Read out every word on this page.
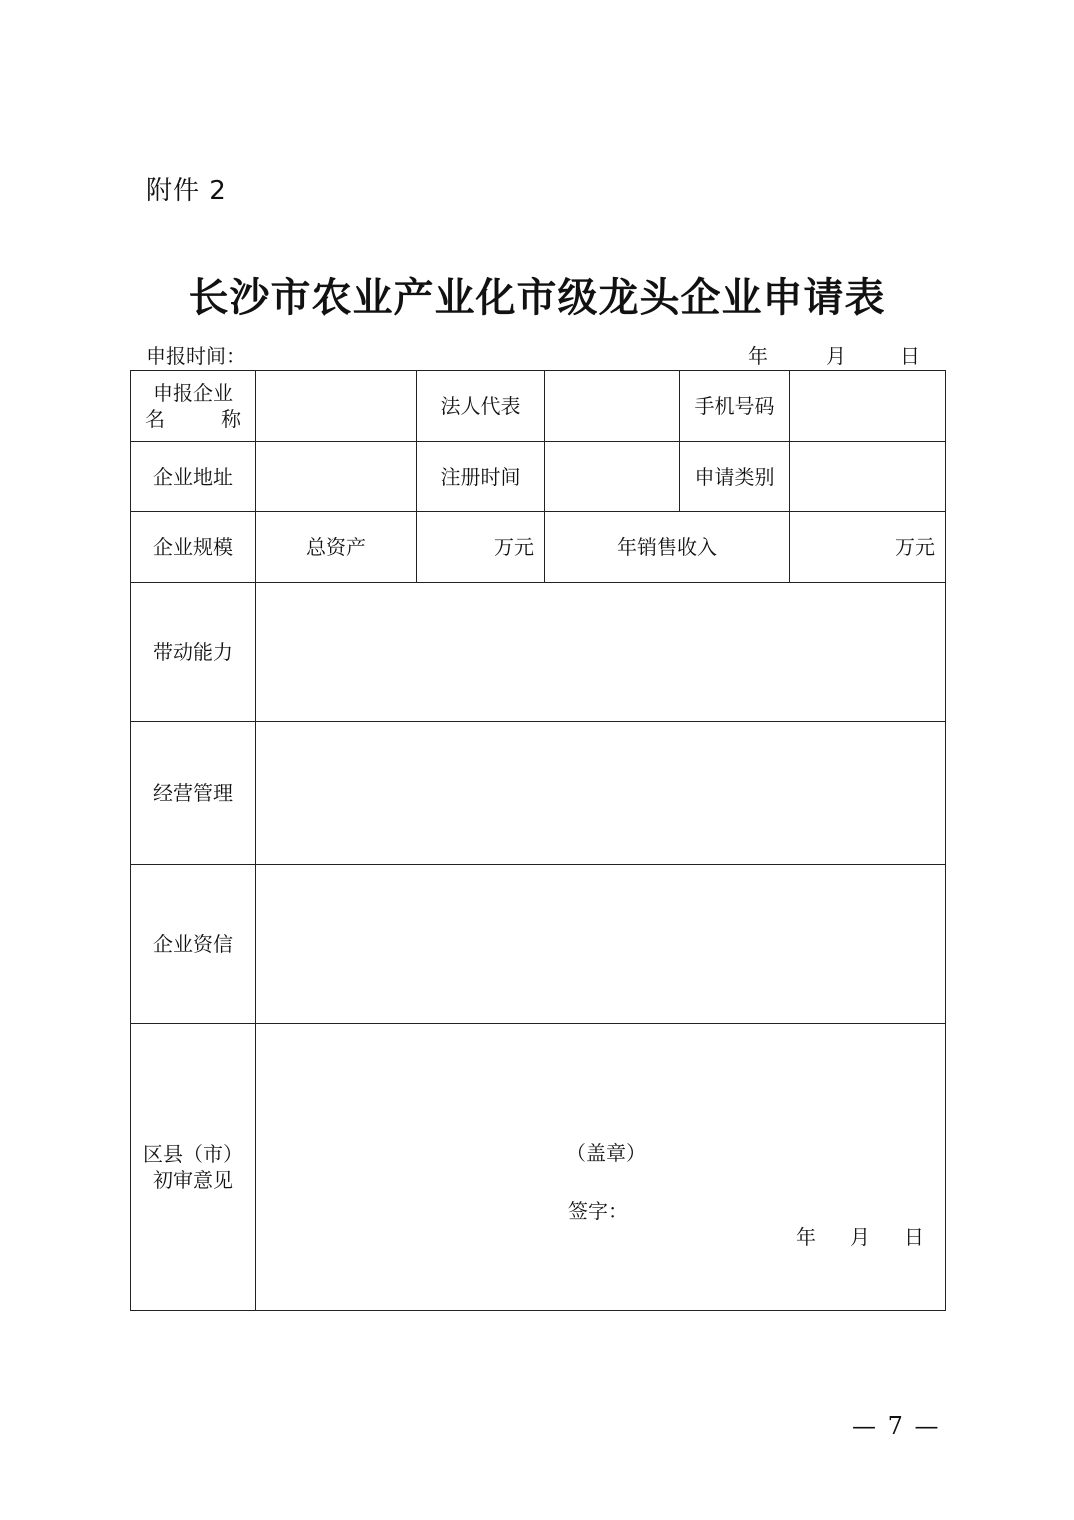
附件 2
长沙市农业产业化市级龙头企业申请表
申报时间：	年	月	日
申报企业
名 称		法人代表		手机号码	
企业地址		注册时间		申请类别	
企业规模	总资产	万元	年销售收入		万元
带动能力					
经营管理					
企业资信					

区县（市）
初审意见	（盖章）
签字：
年 月 日				
— 7 —
